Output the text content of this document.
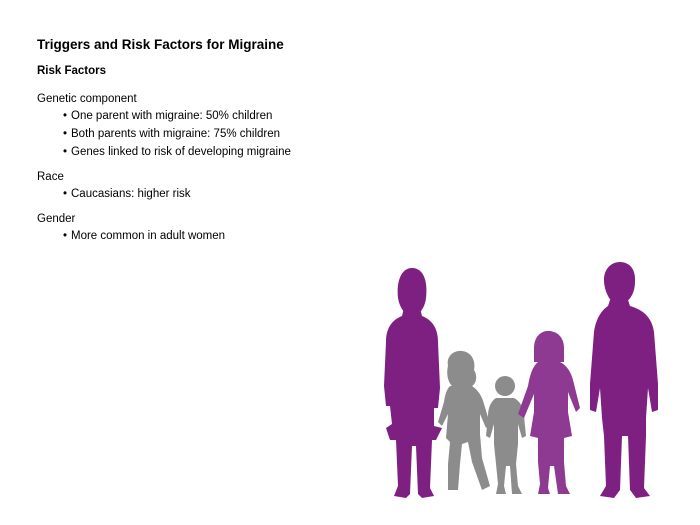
Triggers and Risk Factors for Migraine
Risk Factors

Genetic component

• One parent with migraine: 50% children
• Both parents with migraine: 75% children
• Genes linked to risk of developing migraine

Race

• Caucasians: higher risk

Gender

• More common in adult women
